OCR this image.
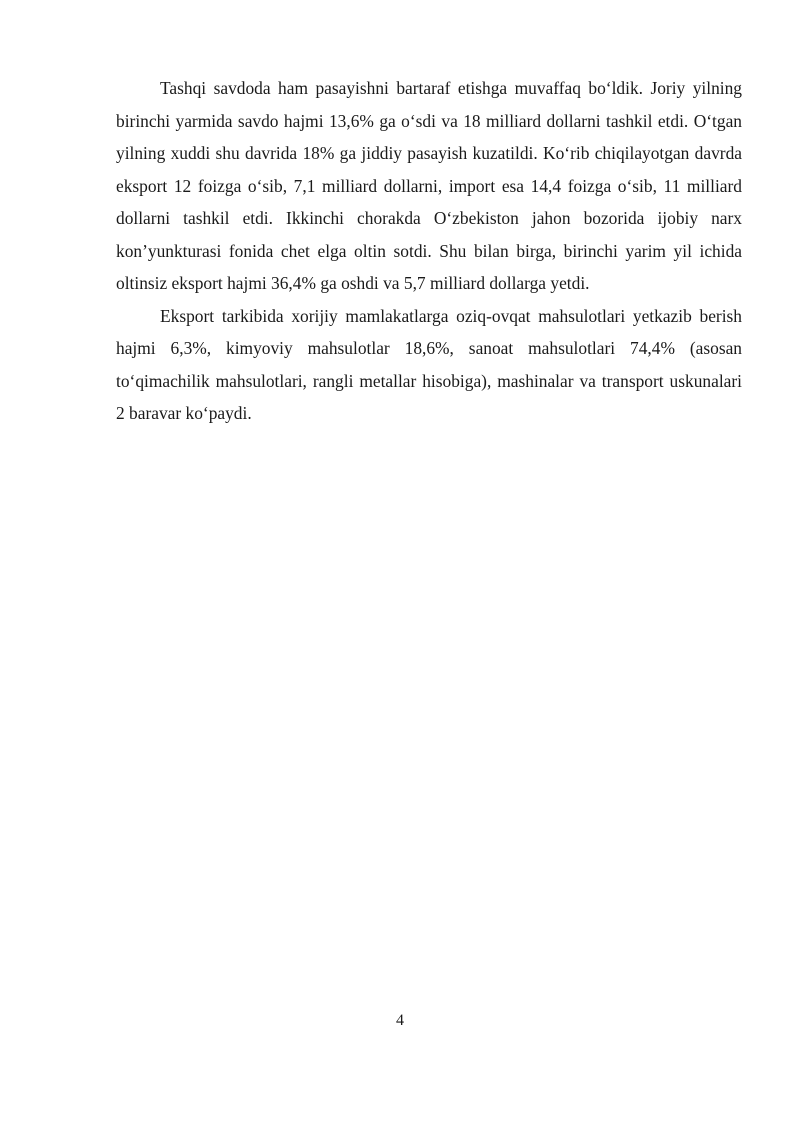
Tashqi savdoda ham pasayishni bartaraf etishga muvaffaq bo‘ldik. Joriy yilning birinchi yarmida savdo hajmi 13,6% ga o‘sdi va 18 milliard dollarni tashkil etdi. O‘tgan yilning xuddi shu davrida 18% ga jiddiy pasayish kuzatildi. Ko‘rib chiqilayotgan davrda eksport 12 foizga o‘sib, 7,1 milliard dollarni, import esa 14,4 foizga o‘sib, 11 milliard dollarni tashkil etdi. Ikkinchi chorakda O‘zbekiston jahon bozorida ijobiy narx kon’yunkturasi fonida chet elga oltin sotdi. Shu bilan birga, birinchi yarim yil ichida oltinsiz eksport hajmi 36,4% ga oshdi va 5,7 milliard dollarga yetdi.

Eksport tarkibida xorijiy mamlakatlarga oziq-ovqat mahsulotlari yetkazib berish hajmi 6,3%, kimyoviy mahsulotlar 18,6%, sanoat mahsulotlari 74,4% (asosan to‘qimachilik mahsulotlari, rangli metallar hisobiga), mashinalar va transport uskunalari 2 baravar ko‘paydi.

4
